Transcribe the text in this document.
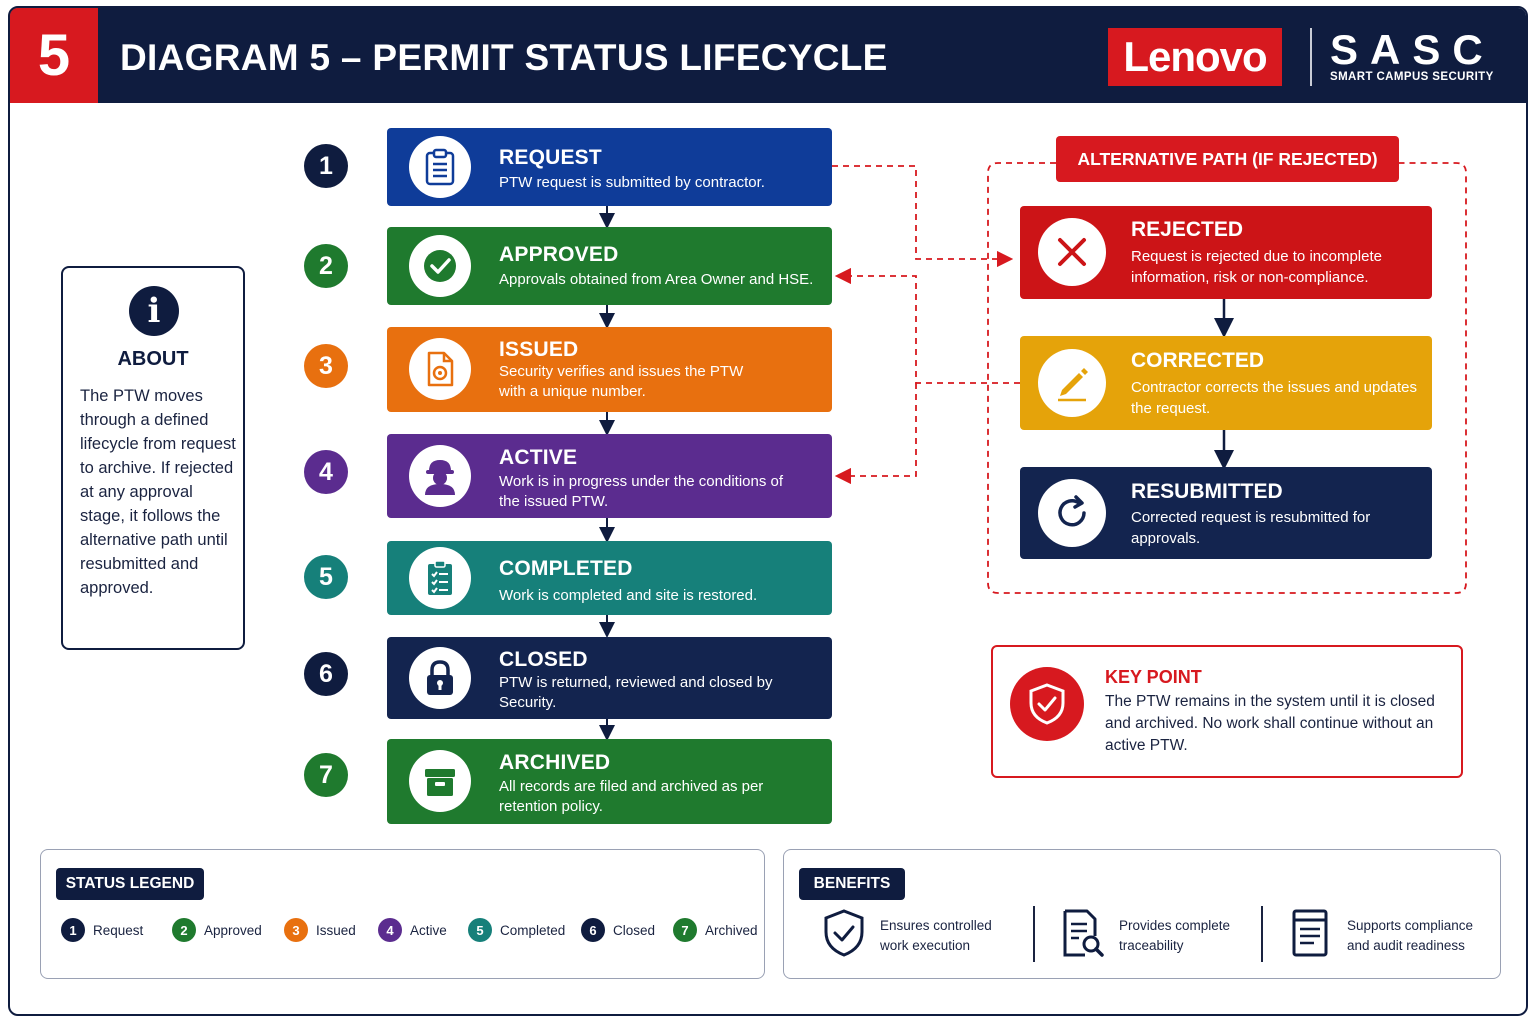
5	DIAGRAM 5 – PERMIT STATUS LIFECYCLE	Lenovo	SASC
SMART CAMPUS SECURITY
i
ABOUT
The PTW moves through a defined lifecycle from request to archive. If rejected at any approval stage, it follows the alternative path until resubmitted and approved.
1
2
3
4
5
6
7
REQUEST
PTW request is submitted by contractor.
APPROVED
Approvals obtained from Area Owner and HSE.
ISSUED
Security verifies and issues the PTW with a unique number.
ACTIVE
Work is in progress under the conditions of the issued PTW.
COMPLETED
Work is completed and site is restored.
CLOSED
PTW is returned, reviewed and closed by Security.
ARCHIVED
All records are filed and archived as per retention policy.
ALTERNATIVE PATH (IF REJECTED)
REJECTED
Request is rejected due to incomplete information, risk or non-compliance.
CORRECTED
Contractor corrects the issues and updates the request.
RESUBMITTED
Corrected request is resubmitted for approvals.
KEY POINT
The PTW remains in the system until it is closed and archived. No work shall continue without an active PTW.
STATUS LEGEND
1	Request	2	Approved	3	Issued	4	Active	5	Completed	6	Closed	7	Archived
BENEFITS
Ensures controlled work execution
Provides complete traceability
Supports compliance and audit readiness
